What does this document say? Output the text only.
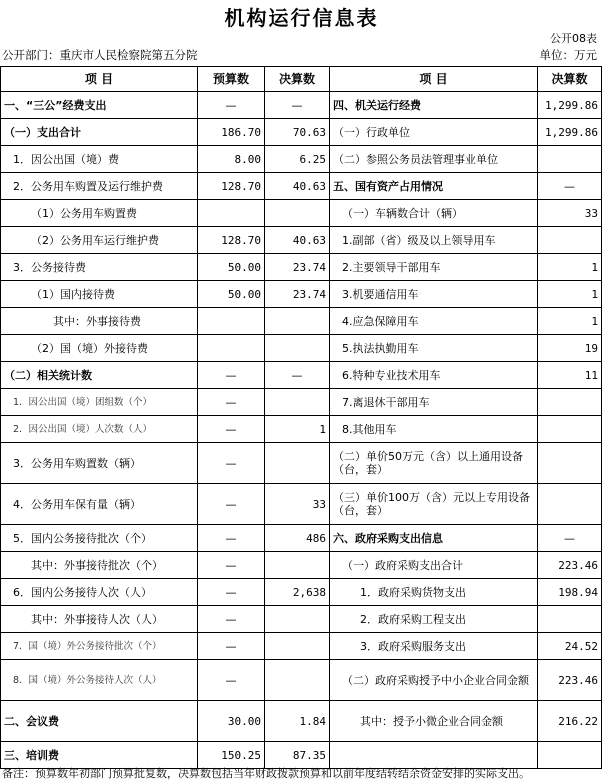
机构运行信息表
公开08表
公开部门：重庆市人民检察院第五分院	单位：万元
项 目	预算数	决算数	项 目	决算数
一、“三公”经费支出	—	—	四、机关运行经费	1,299.86
（一）支出合计	186.70	70.63	（一）行政单位	1,299.86
1．因公出国（境）费	8.00	6.25	（二）参照公务员法管理事业单位	
2．公务用车购置及运行维护费	128.70	40.63	五、国有资产占用情况	—
（1）公务用车购置费			（一）车辆数合计（辆）	33
（2）公务用车运行维护费	128.70	40.63	1.副部（省）级及以上领导用车	
3．公务接待费	50.00	23.74	2.主要领导干部用车	1
（1）国内接待费	50.00	23.74	3.机要通信用车	1
其中：外事接待费			4.应急保障用车	1
（2）国（境）外接待费			5.执法执勤用车	19
（二）相关统计数	—	—	6.特种专业技术用车	11
1．因公出国（境）团组数（个）	—		7.离退休干部用车	
2．因公出国（境）人次数（人）	—	1	8.其他用车	
3．公务用车购置数（辆）	—		（二）单价50万元（含）以上通用设备（台，套）	
4．公务用车保有量（辆）	—	33	（三）单价100万（含）元以上专用设备（台，套）	
5．国内公务接待批次（个）	—	486	六、政府采购支出信息	—
其中：外事接待批次（个）	—		（一）政府采购支出合计	223.46
6．国内公务接待人次（人）	—	2,638	1．政府采购货物支出	198.94
其中：外事接待人次（人）	—		2．政府采购工程支出	
7．国（境）外公务接待批次（个）	—		3．政府采购服务支出	24.52
8．国（境）外公务接待人次（人）	—		（二）政府采购授予中小企业合同金额	223.46
二、会议费	30.00	1.84	其中：授予小微企业合同金额	216.22
三、培训费	150.25	87.35		
备注：预算数年初部门预算批复数，决算数包括当年财政拨款预算和以前年度结转结余资金安排的实际支出。
